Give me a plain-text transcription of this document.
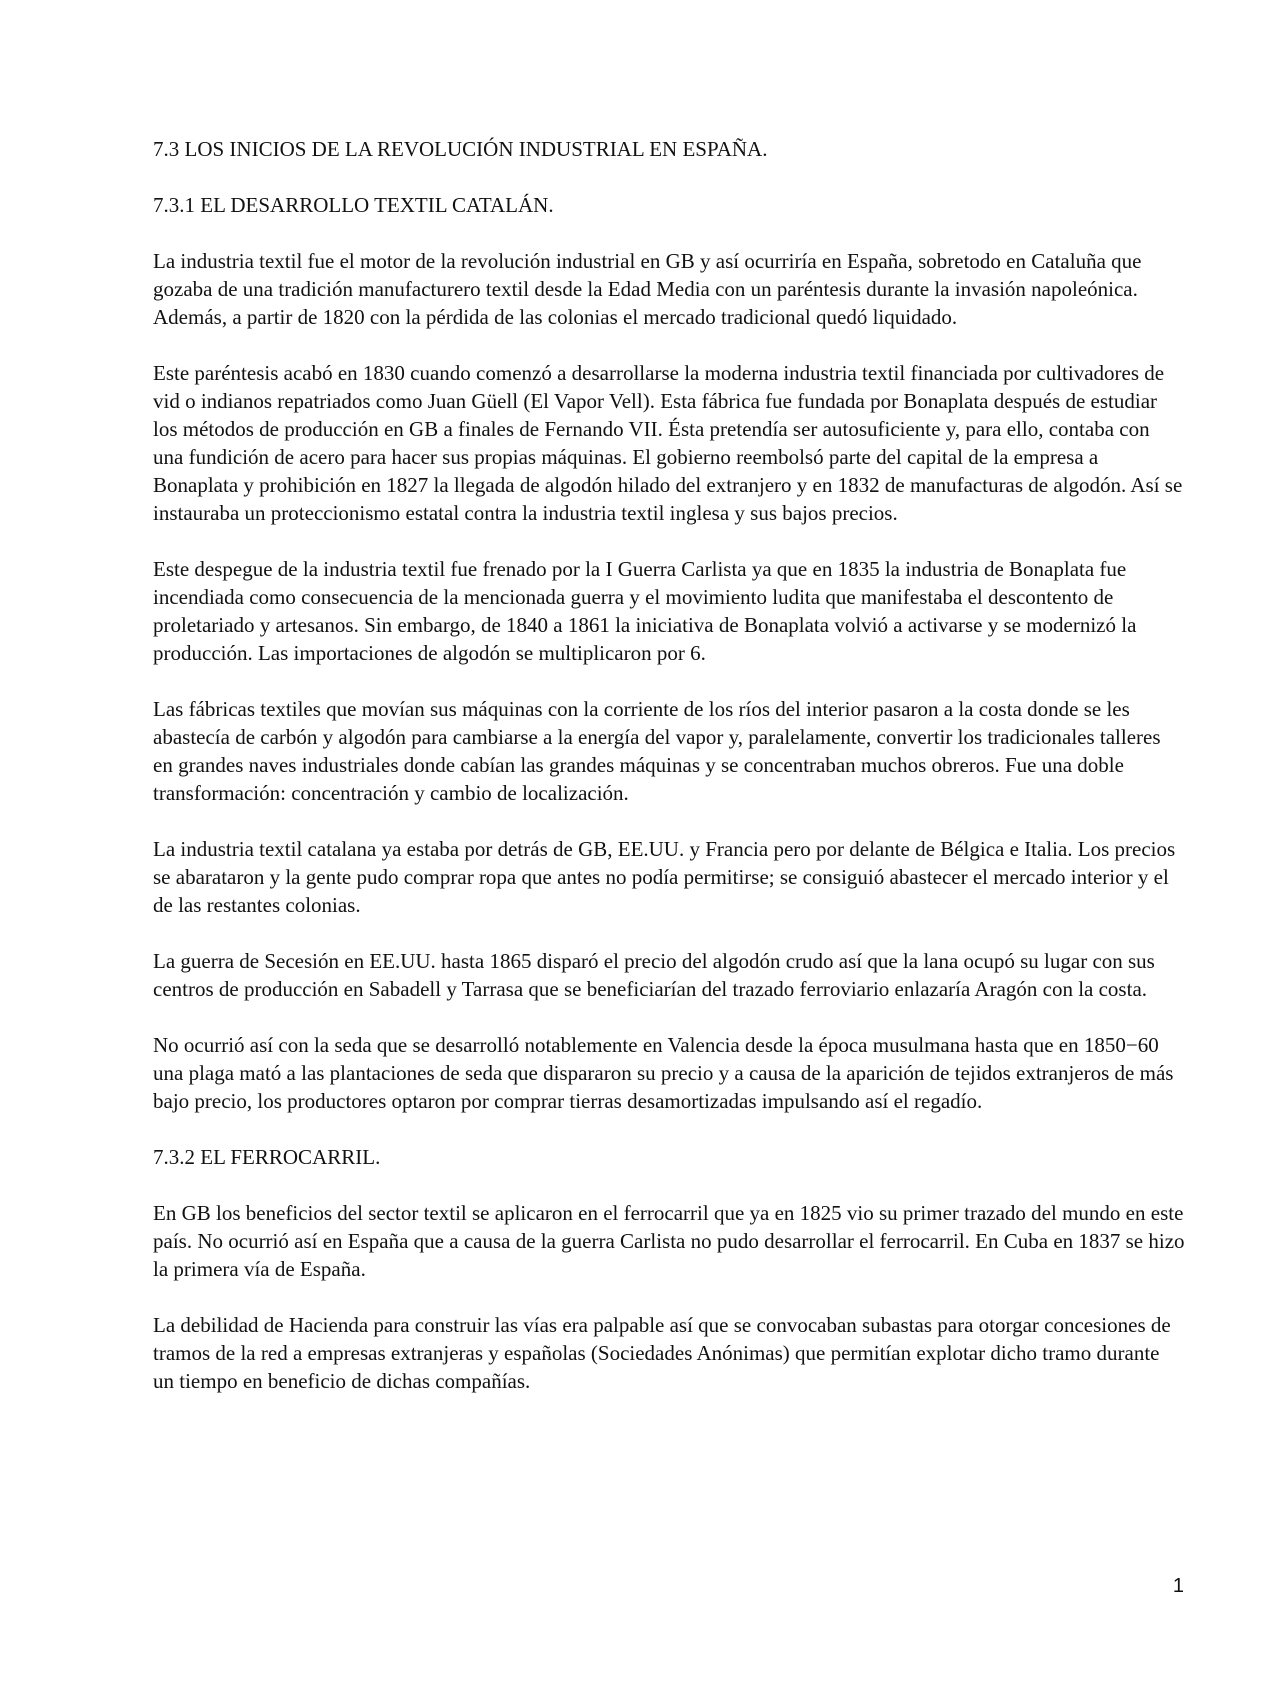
7.3 LOS INICIOS DE LA REVOLUCIÓN INDUSTRIAL EN ESPAÑA.
7.3.1 EL DESARROLLO TEXTIL CATALÁN.

La industria textil fue el motor de la revolución industrial en GB y así ocurriría en España, sobretodo en Cataluña que gozaba de una tradición manufacturero textil desde la Edad Media con un paréntesis durante la invasión napoleónica. Además, a partir de 1820 con la pérdida de las colonias el mercado tradicional quedó liquidado.

Este paréntesis acabó en 1830 cuando comenzó a desarrollarse la moderna industria textil financiada por cultivadores de vid o indianos repatriados como Juan Güell (El Vapor Vell). Esta fábrica fue fundada por Bonaplata después de estudiar los métodos de producción en GB a finales de Fernando VII. Ésta pretendía ser autosuficiente y, para ello, contaba con una fundición de acero para hacer sus propias máquinas. El gobierno reembolsó parte del capital de la empresa a Bonaplata y prohibición en 1827 la llegada de algodón hilado del extranjero y en 1832 de manufacturas de algodón. Así se instauraba un proteccionismo estatal contra la industria textil inglesa y sus bajos precios.

Este despegue de la industria textil fue frenado por la I Guerra Carlista ya que en 1835 la industria de Bonaplata fue incendiada como consecuencia de la mencionada guerra y el movimiento ludita que manifestaba el descontento de proletariado y artesanos. Sin embargo, de 1840 a 1861 la iniciativa de Bonaplata volvió a activarse y se modernizó la producción. Las importaciones de algodón se multiplicaron por 6.

Las fábricas textiles que movían sus máquinas con la corriente de los ríos del interior pasaron a la costa donde se les abastecía de carbón y algodón para cambiarse a la energía del vapor y, paralelamente, convertir los tradicionales talleres en grandes naves industriales donde cabían las grandes máquinas y se concentraban muchos obreros. Fue una doble transformación: concentración y cambio de localización.

La industria textil catalana ya estaba por detrás de GB, EE.UU. y Francia pero por delante de Bélgica e Italia. Los precios se abarataron y la gente pudo comprar ropa que antes no podía permitirse; se consiguió abastecer el mercado interior y el de las restantes colonias.

La guerra de Secesión en EE.UU. hasta 1865 disparó el precio del algodón crudo así que la lana ocupó su lugar con sus centros de producción en Sabadell y Tarrasa que se beneficiarían del trazado ferroviario enlazaría Aragón con la costa.

No ocurrió así con la seda que se desarrolló notablemente en Valencia desde la época musulmana hasta que en 1850−60 una plaga mató a las plantaciones de seda que dispararon su precio y a causa de la aparición de tejidos extranjeros de más bajo precio, los productores optaron por comprar tierras desamortizadas impulsando así el regadío.

7.3.2 EL FERROCARRIL.

En GB los beneficios del sector textil se aplicaron en el ferrocarril que ya en 1825 vio su primer trazado del mundo en este país. No ocurrió así en España que a causa de la guerra Carlista no pudo desarrollar el ferrocarril. En Cuba en 1837 se hizo la primera vía de España.

La debilidad de Hacienda para construir las vías era palpable así que se convocaban subastas para otorgar concesiones de tramos de la red a empresas extranjeras y españolas (Sociedades Anónimas) que permitían explotar dicho tramo durante un tiempo en beneficio de dichas compañías.

1
